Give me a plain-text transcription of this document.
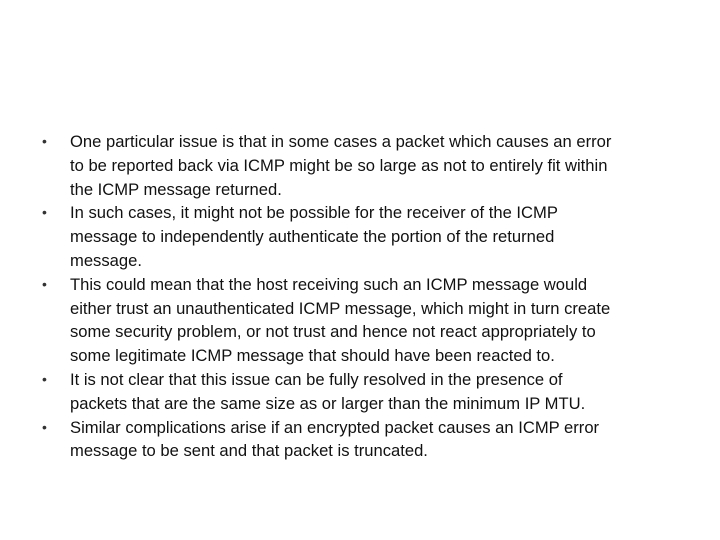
•	One particular issue is that in some cases a packet which causes an error
to be reported back via ICMP might be so large as not to entirely fit within
the ICMP message returned.
•	In such cases, it might not be possible for the receiver of the ICMP
message to independently authenticate the portion of the returned
message.
•	This could mean that the host receiving such an ICMP message would
either trust an unauthenticated ICMP message, which might in turn create
some security problem, or not trust and hence not react appropriately to
some legitimate ICMP message that should have been reacted to.
•	It is not clear that this issue can be fully resolved in the presence of
packets that are the same size as or larger than the minimum IP MTU.
•	Similar complications arise if an encrypted packet causes an ICMP error
message to be sent and that packet is truncated.
